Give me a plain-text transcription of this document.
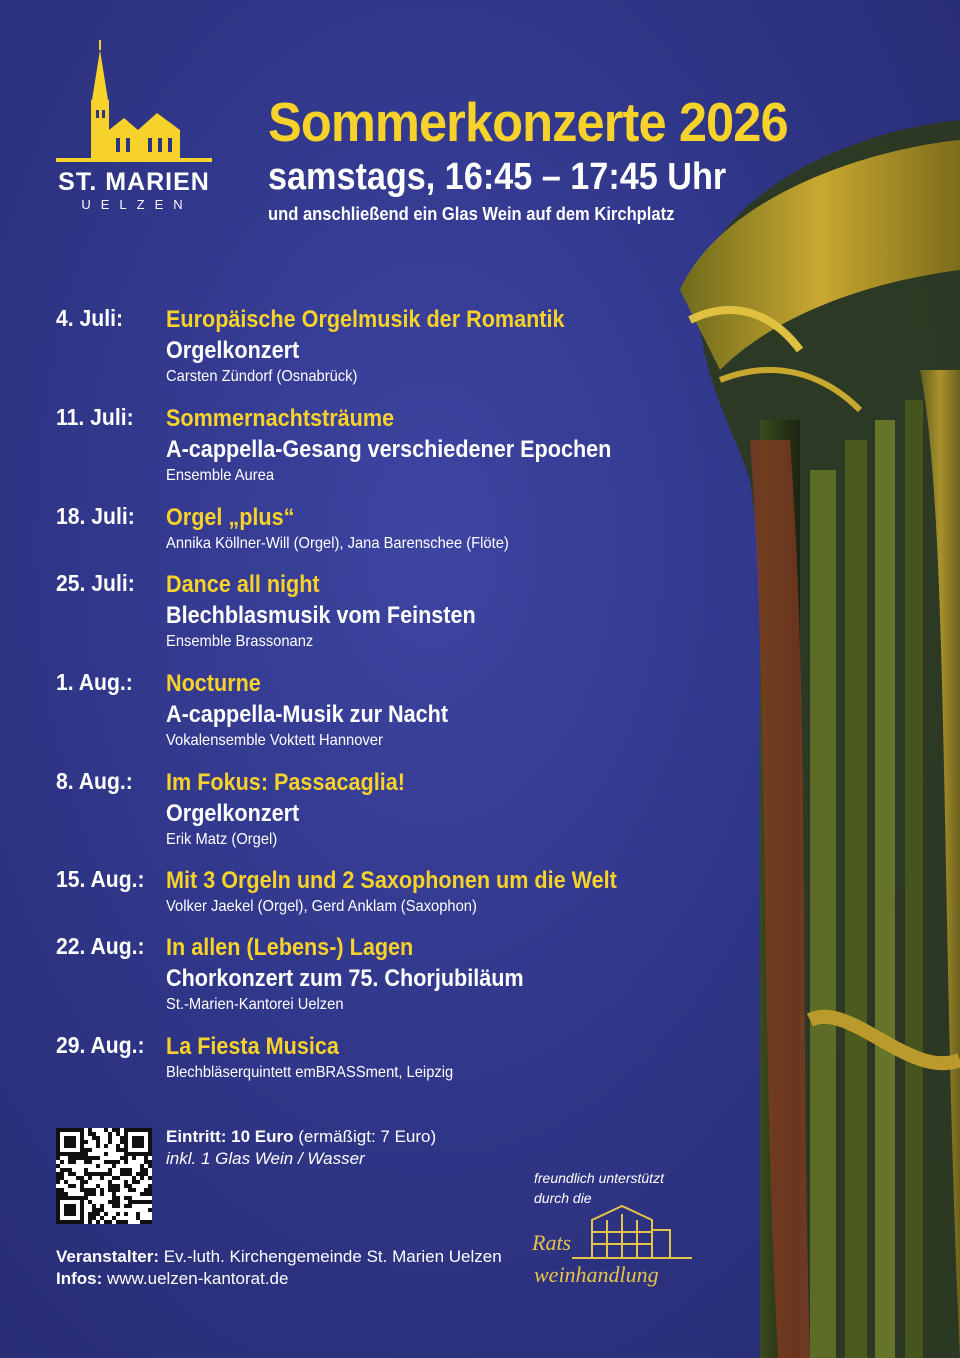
ST. MARIEN
UELZEN
Sommerkonzerte 2026
samstags, 16:45 – 17:45 Uhr
und anschließend ein Glas Wein auf dem Kirchplatz
4. Juli: Europäische Orgelmusik der Romantik
Orgelkonzert
Carsten Zündorf (Osnabrück)
11. Juli: Sommernachtsträume
A-cappella-Gesang verschiedener Epochen
Ensemble Aurea
18. Juli: Orgel „plus“
Annika Köllner-Will (Orgel), Jana Barenschee (Flöte)
25. Juli: Dance all night
Blechblasmusik vom Feinsten
Ensemble Brassonanz
1. Aug.: Nocturne
A-cappella-Musik zur Nacht
Vokalensemble Voktett Hannover
8. Aug.: Im Fokus: Passacaglia!
Orgelkonzert
Erik Matz (Orgel)
15. Aug.: Mit 3 Orgeln und 2 Saxophonen um die Welt
Volker Jaekel (Orgel), Gerd Anklam (Saxophon)
22. Aug.: In allen (Lebens-) Lagen
Chorkonzert zum 75. Chorjubiläum
St.-Marien-Kantorei Uelzen
29. Aug.: La Fiesta Musica
Blechbläserquintett emBRASSment, Leipzig
Eintritt: 10 Euro (ermäßigt: 7 Euro)
inkl. 1 Glas Wein / Wasser
Veranstalter: Ev.-luth. Kirchengemeinde St. Marien Uelzen
Infos: www.uelzen-kantorat.de
freundlich unterstützt
durch die
Rats
weinhandlung
